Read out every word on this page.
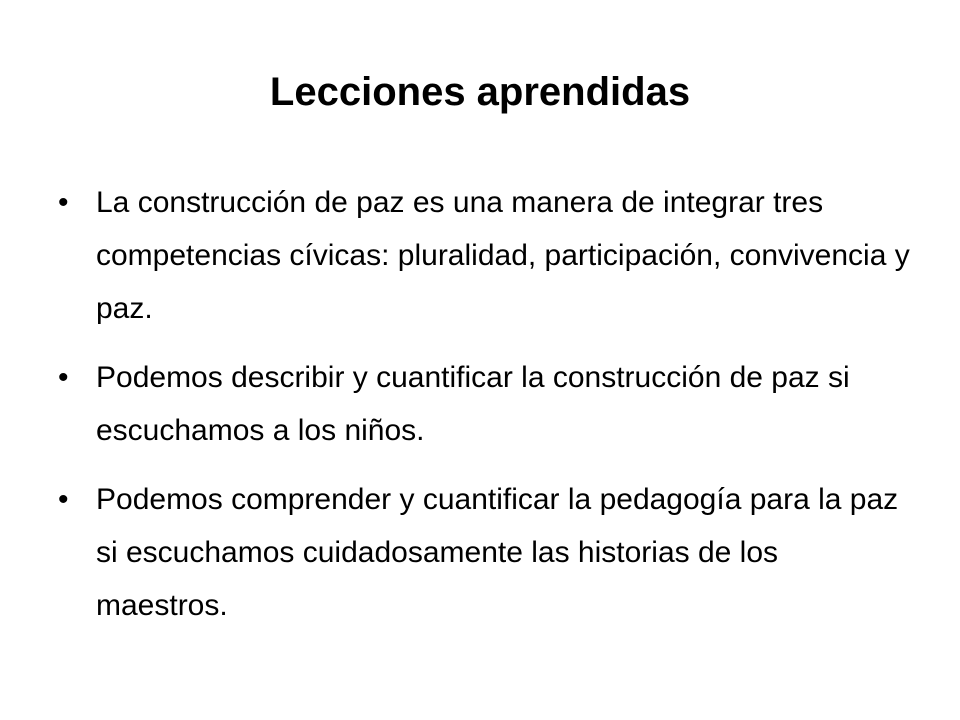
Lecciones aprendidas
• La construcción de paz es una manera de integrar tres competencias cívicas: pluralidad, participación, convivencia y paz.
• Podemos describir y cuantificar la construcción de paz si escuchamos a los niños.
• Podemos comprender y cuantificar la pedagogía para la paz si escuchamos cuidadosamente las historias de los maestros.
